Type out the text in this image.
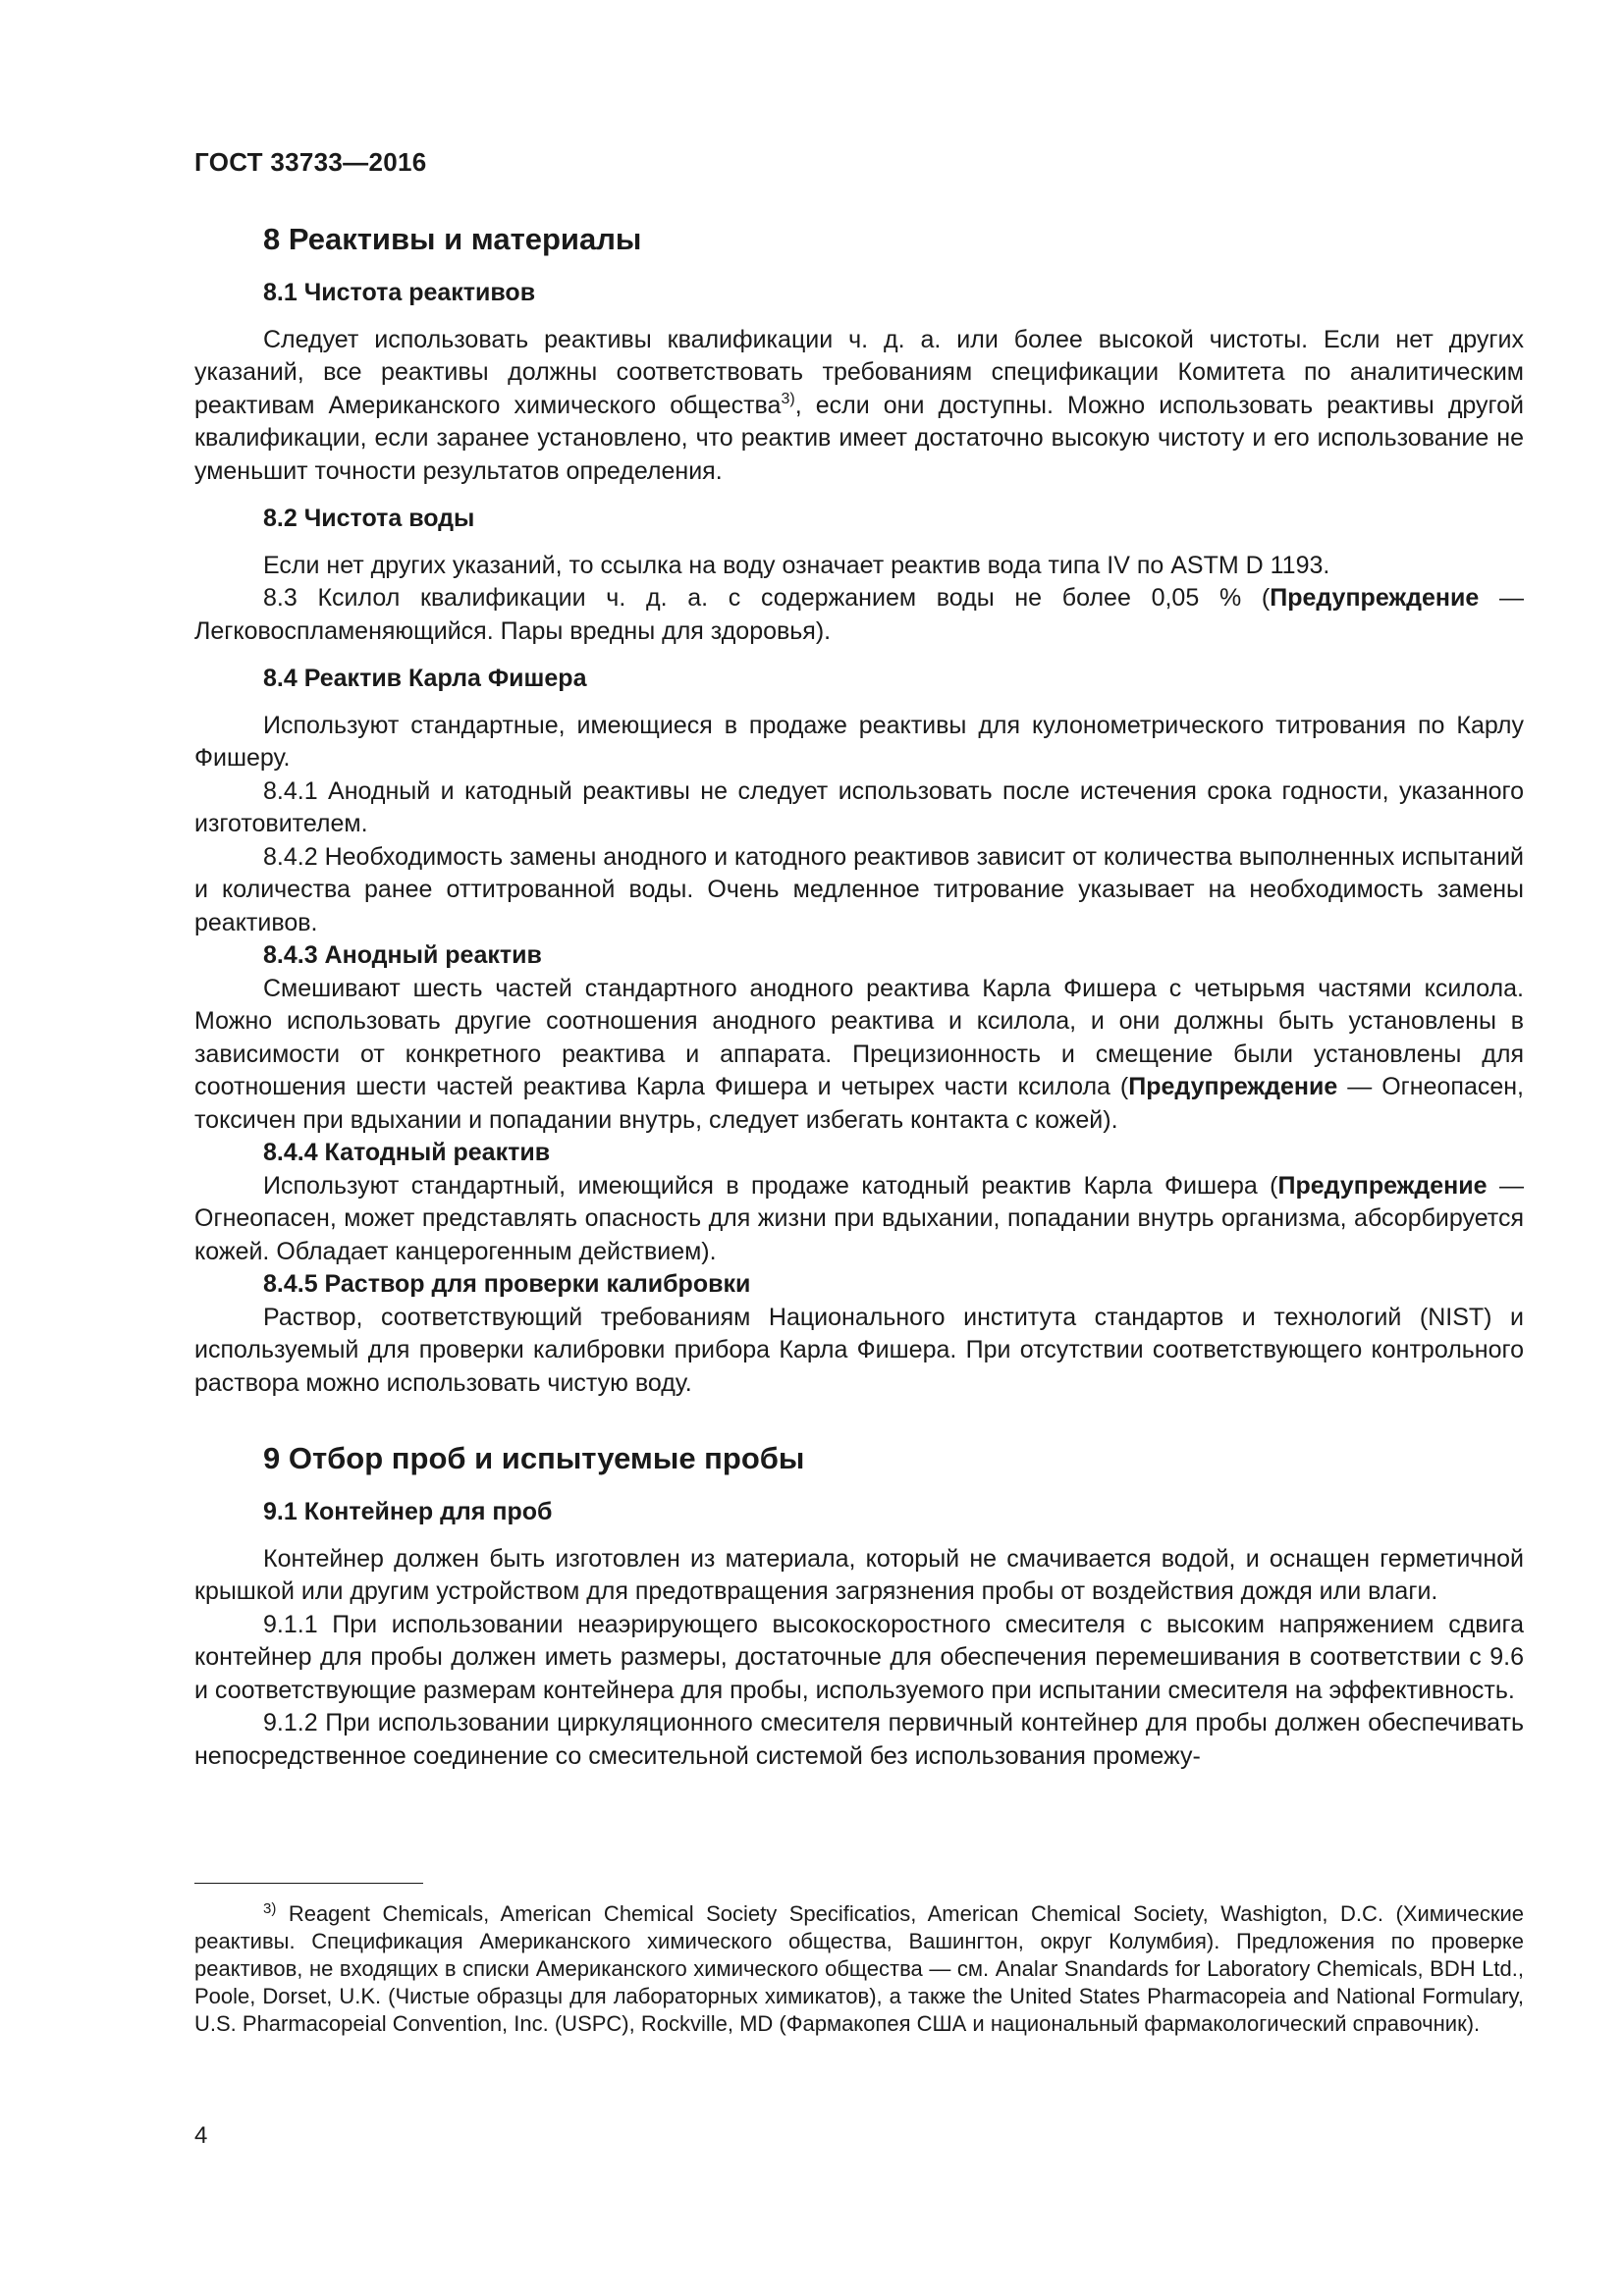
ГОСТ 33733—2016
8 Реактивы и материалы
8.1 Чистота реактивов

Следует использовать реактивы квалификации ч. д. а. или более высокой чистоты. Если нет других указаний, все реактивы должны соответствовать требованиям спецификации Комитета по аналитическим реактивам Американского химического общества$^{3)}$, если они доступны. Можно использовать реактивы другой квалификации, если заранее установлено, что реактив имеет достаточно высокую чистоту и его использование не уменьшит точности результатов определения.

8.2 Чистота воды

Если нет других указаний, то ссылка на воду означает реактив вода типа IV по ASTM D 1193.

8.3 Ксилол квалификации ч. д. а. с содержанием воды не более 0,05 % (Предупреждение — Легковоспламеняющийся. Пары вредны для здоровья).

8.4 Реактив Карла Фишера

Используют стандартные, имеющиеся в продаже реактивы для кулонометрического титрования по Карлу Фишеру.

8.4.1 Анодный и катодный реактивы не следует использовать после истечения срока годности, указанного изготовителем.

8.4.2 Необходимость замены анодного и катодного реактивов зависит от количества выполненных испытаний и количества ранее оттитрованной воды. Очень медленное титрование указывает на необходимость замены реактивов.

8.4.3 Анодный реактив

Смешивают шесть частей стандартного анодного реактива Карла Фишера с четырьмя частями ксилола. Можно использовать другие соотношения анодного реактива и ксилола, и они должны быть установлены в зависимости от конкретного реактива и аппарата. Прецизионность и смещение были установлены для соотношения шести частей реактива Карла Фишера и четырех части ксилола (Предупреждение — Огнеопасен, токсичен при вдыхании и попадании внутрь, следует избегать контакта с кожей).

8.4.4 Катодный реактив

Используют стандартный, имеющийся в продаже катодный реактив Карла Фишера (Предупреждение — Огнеопасен, может представлять опасность для жизни при вдыхании, попадании внутрь организма, абсорбируется кожей. Обладает канцерогенным действием).

8.4.5 Раствор для проверки калибровки

Раствор, соответствующий требованиям Национального института стандартов и технологий (NIST) и используемый для проверки калибровки прибора Карла Фишера. При отсутствии соответствующего контрольного раствора можно использовать чистую воду.

9 Отбор проб и испытуемые пробы
9.1 Контейнер для проб

Контейнер должен быть изготовлен из материала, который не смачивается водой, и оснащен герметичной крышкой или другим устройством для предотвращения загрязнения пробы от воздействия дождя или влаги.

9.1.1 При использовании неаэрирующего высокоскоростного смесителя с высоким напряжением сдвига контейнер для пробы должен иметь размеры, достаточные для обеспечения перемешивания в соответствии с 9.6 и соответствующие размерам контейнера для пробы, используемого при испытании смесителя на эффективность.

9.1.2 При использовании циркуляционного смесителя первичный контейнер для пробы должен обеспечивать непосредственное соединение со смесительной системой без использования промежу-

$^{3)}$ Reagent Chemicals, American Chemical Society Specificatios, American Chemical Society, Washigton, D.C. (Химические реактивы. Спецификация Американского химического общества, Вашингтон, округ Колумбия). Предложения по проверке реактивов, не входящих в списки Американского химического общества — см. Analar Snandards for Laboratory Chemicals, BDH Ltd., Poole, Dorset, U.K. (Чистые образцы для лабораторных химикатов), а также the United States Pharmacopeia and National Formulary, U.S. Pharmacopeial Convention, Inc. (USPC), Rockville, MD (Фармакопея США и национальный фармакологический справочник).
4
